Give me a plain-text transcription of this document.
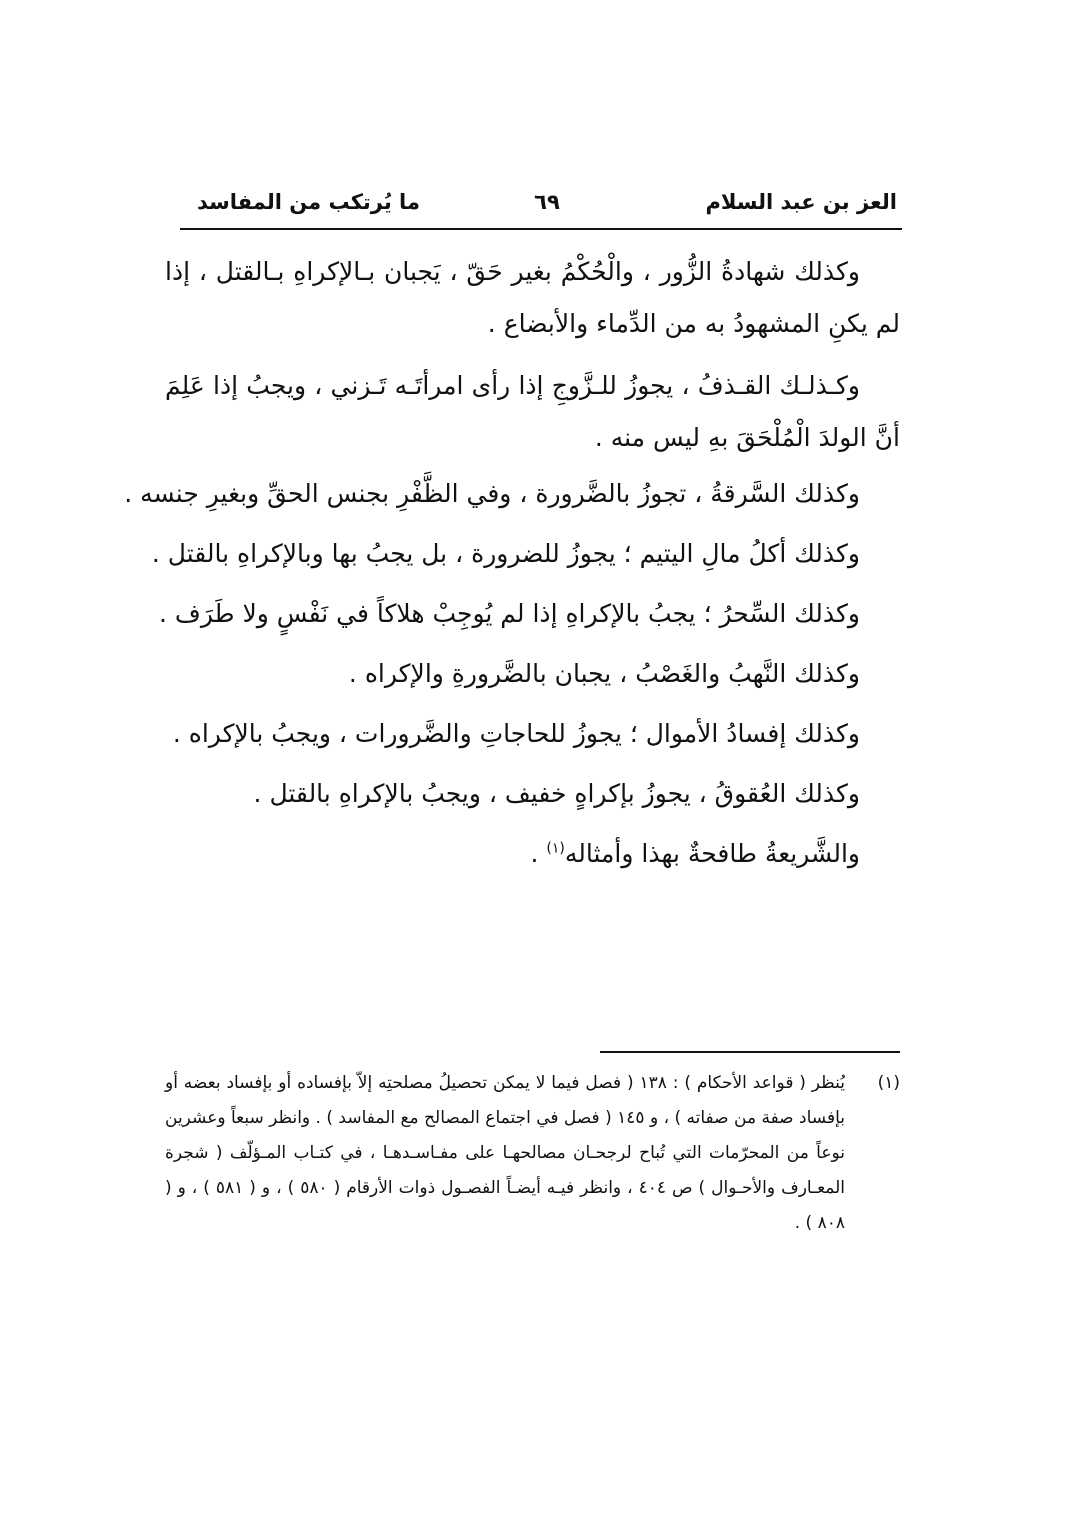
العز بن عبد السلام
٦٩
ما يُرتكب من المفاسد

وكذلك شهادةُ الزُّور ، والْحُكْمُ بغير حَقّ ، يَجبان بـالإكراهِ بـالقتل ، إذا لم يكنِ المشهودُ به من الدِّماء والأبضاع .

وكـذلـك القـذفُ ، يجوزُ للـزَّوجِ إذا رأى امرأتَـه تَـزني ، ويجبُ إذا عَلِمَ أنَّ الولدَ الْمُلْحَقَ بهِ ليس منه .

وكذلك السَّرقةُ ، تجوزُ بالضَّرورة ، وفي الظَّفْرِ بجنس الحقِّ وبغيرِ جنسه .

وكذلك أكلُ مالِ اليتيم ؛ يجوزُ للضرورة ، بل يجبُ بها وبالإكراهِ بالقتل .

وكذلك السِّحرُ ؛ يجبُ بالإكراهِ إذا لم يُوجِبْ هلاكاً في نَفْسٍ ولا طَرَف .

وكذلك النَّهبُ والغَصْبُ ، يجبان بالضَّرورةِ والإكراه .

وكذلك إفسادُ الأموال ؛ يجوزُ للحاجاتِ والضَّرورات ، ويجبُ بالإكراه .

وكذلك العُقوقُ ، يجوزُ بإكراهٍ خفيف ، ويجبُ بالإكراهِ بالقتل .

والشَّريعةُ طافحةٌ بهذا وأمثاله$^{(١)}$ .

(١)
يُنظر ( قواعد الأحكام ) : ١٣٨ ( فصل فيما لا يمكن تحصيلُ مصلحتِه إلاّ بإفساده أو بإفساد بعضه أو بإفساد صفة من صفاته ) ، و ١٤٥ ( فصل في اجتماع المصالح مع المفاسد ) . وانظر سبعاً وعشرين نوعاً من المحرّمات التي تُباح لرجحـان مصالحهـا على مفـاسـدهـا ، في كتـاب المـؤلّف ( شجرة المعـارف والأحـوال ) ص ٤٠٤ ، وانظر فيـه أيضـاً الفصـول ذوات الأرقام ( ٥٨٠ ) ، و ( ٥٨١ ) ، و ( ٨٠٨ ) .
